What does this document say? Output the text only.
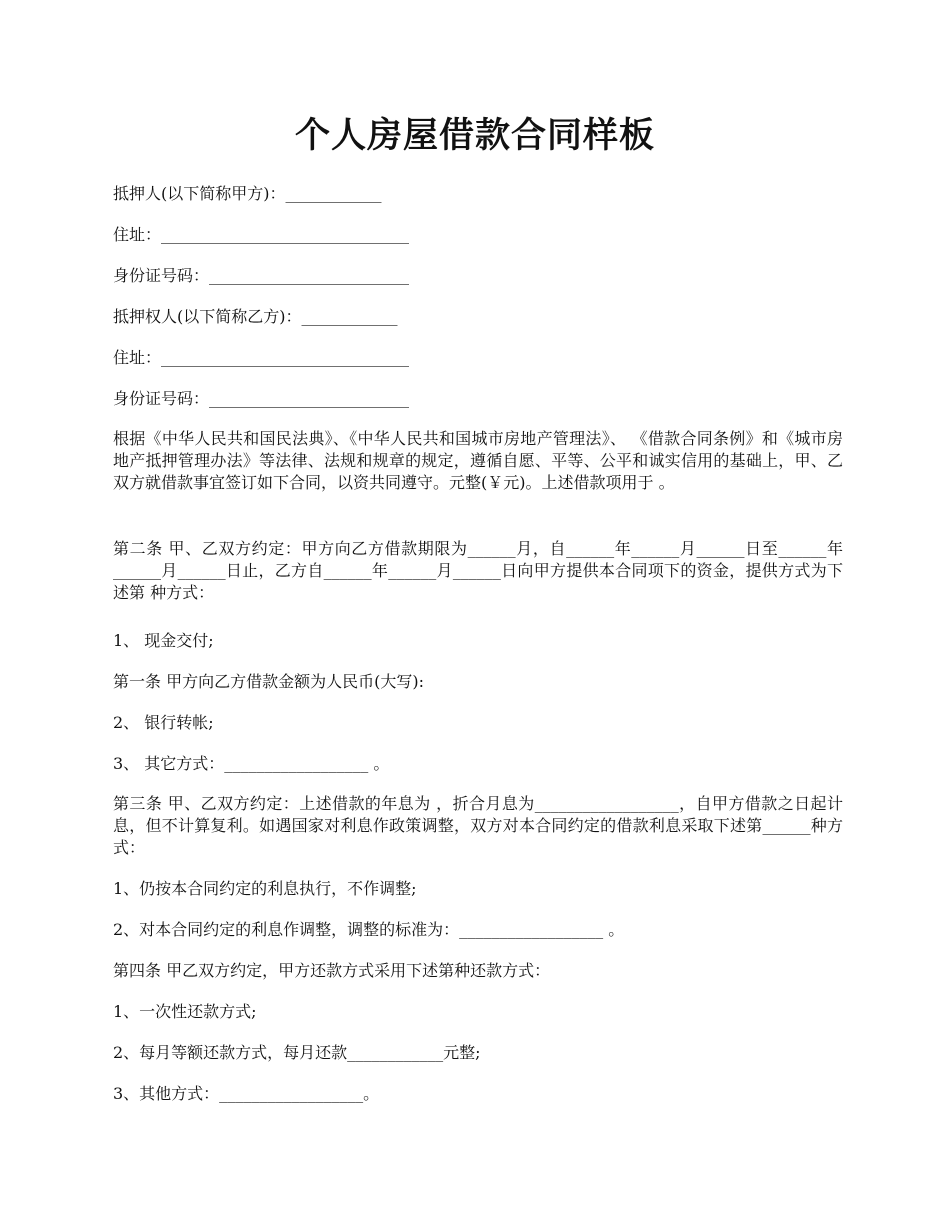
个人房屋借款合同样板

抵押人(以下简称甲方)：____________

住址：_______________________________

身份证号码：_________________________

抵押权人(以下简称乙方)：____________

住址：_______________________________

身份证号码：_________________________

根据《中华人民共和国民法典》、《中华人民共和国城市房地产管理法》、 《借款合同条例》和《城市房地产抵押管理办法》等法律、法规和规章的规定，遵循自愿、平等、公平和诚实信用的基础上，甲、乙双方就借款事宜签订如下合同，以资共同遵守。元整(￥元)。上述借款项用于 。

第二条 甲、乙双方约定：甲方向乙方借款期限为______月，自______年______月______日至______年______月______日止，乙方自______年______月______日向甲方提供本合同项下的资金，提供方式为下述第 种方式：

1、 现金交付;

第一条 甲方向乙方借款金额为人民币(大写):

2、 银行转帐;

3、 其它方式：__________________ 。

第三条 甲、乙双方约定：上述借款的年息为 ，折合月息为__________________，自甲方借款之日起计息，但不计算复利。如遇国家对利息作政策调整，双方对本合同约定的借款利息采取下述第______种方式：

1、仍按本合同约定的利息执行，不作调整;

2、对本合同约定的利息作调整，调整的标准为：__________________ 。

第四条 甲乙双方约定，甲方还款方式采用下述第种还款方式：

1、一次性还款方式;

2、每月等额还款方式，每月还款____________元整;

3、其他方式：__________________。
